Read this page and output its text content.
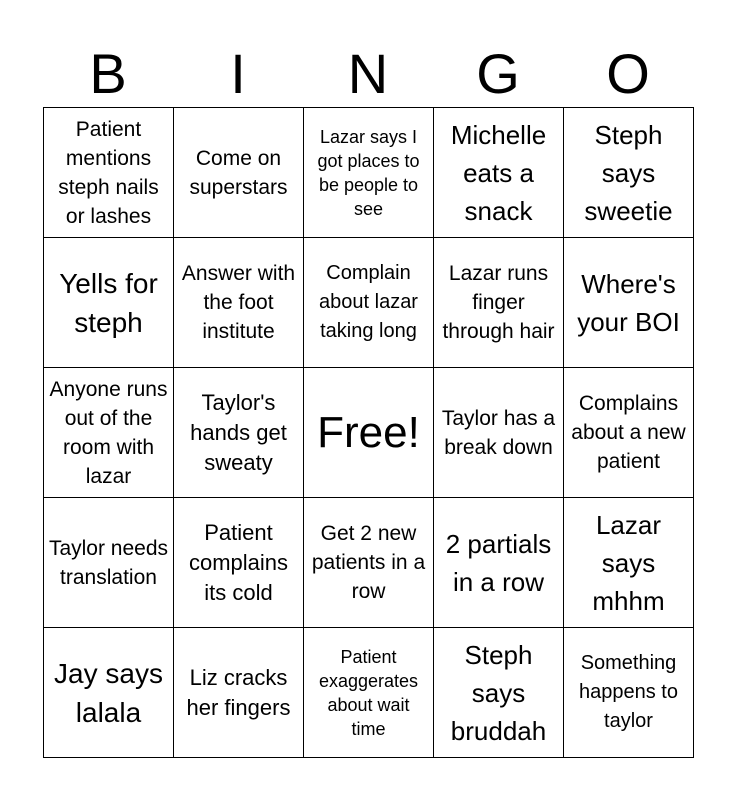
B	I	N	G	O
Patient mentions steph nails or lashes	Come on superstars	Lazar says I got places to be people to see	Michelle eats a snack	Steph says sweetie

Yells for steph	Answer with the foot institute	Complain about lazar taking long	Lazar runs finger through hair	Where's your BOI

Anyone runs out of the room with lazar	Taylor's hands get sweaty	Free!	Taylor has a break down	Complains about a new patient

Taylor needs translation	Patient complains its cold	Get 2 new patients in a row	2 partials in a row	Lazar says mhhm

Jay says lalala	Liz cracks her fingers	Patient exaggerates about wait time	Steph says bruddah	Something happens to taylor
